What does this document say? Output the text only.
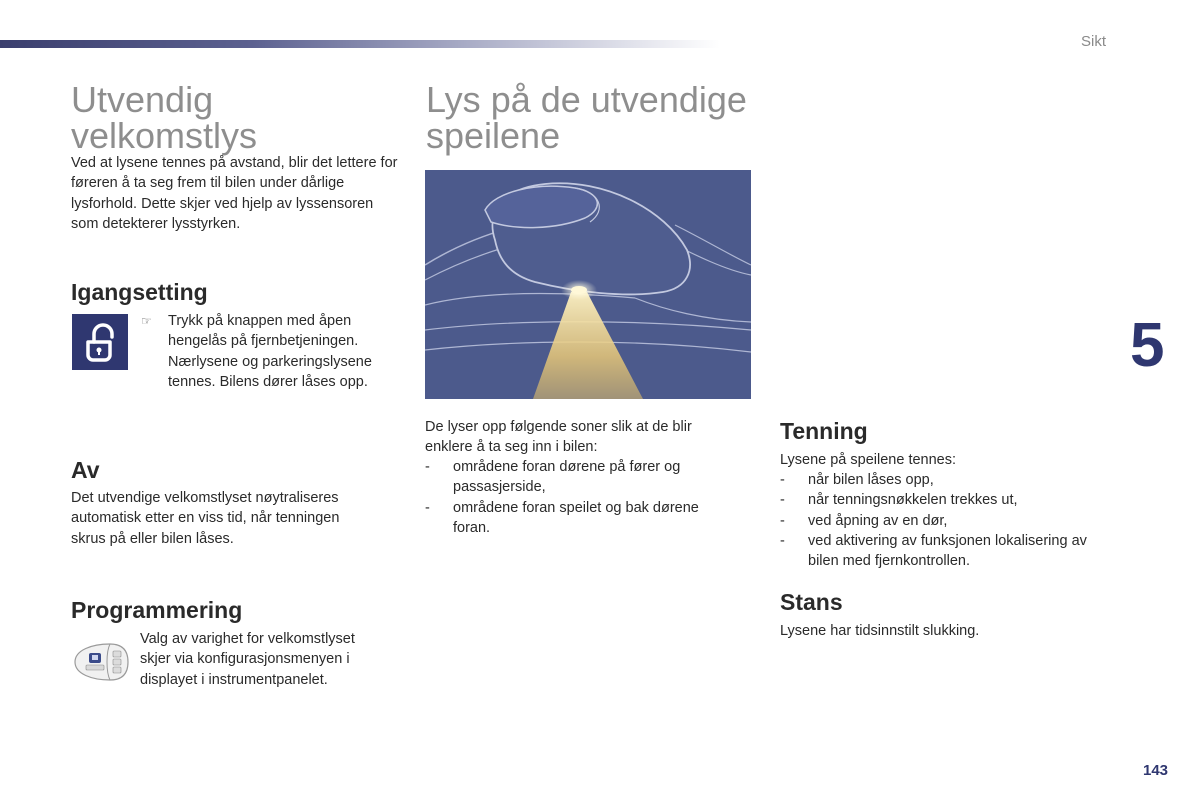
Sikt
5
143
Utvendig velkomstlys

Ved at lysene tennes på avstand, blir det lettere for føreren å ta seg frem til bilen under dårlige lysforhold. Dette skjer ved hjelp av lyssensoren som detekterer lysstyrken.

Igangsetting
☞ Trykk på knappen med åpen hengelås på fjernbetjeningen. Nærlysene og parkeringslysene tennes. Bilens dører låses opp.

Av

Det utvendige velkomstlyset nøytraliseres automatisk etter en viss tid, når tenningen skrus på eller bilen låses.

Programmering

Valg av varighet for velkomstlyset skjer via konfigurasjonsmenyen i displayet i instrumentpanelet.

Lys på de utvendige speilene

De lyser opp følgende soner slik at de blir enklere å ta seg inn i bilen:

- områdene foran dørene på fører og passasjerside,
- områdene foran speilet og bak dørene foran.
Tenning

Lysene på speilene tennes:

- når bilen låses opp,
- når tenningsnøkkelen trekkes ut,
- ved åpning av en dør,
- ved aktivering av funksjonen lokalisering av bilen med fjernkontrollen.
Stans

Lysene har tidsinnstilt slukking.
